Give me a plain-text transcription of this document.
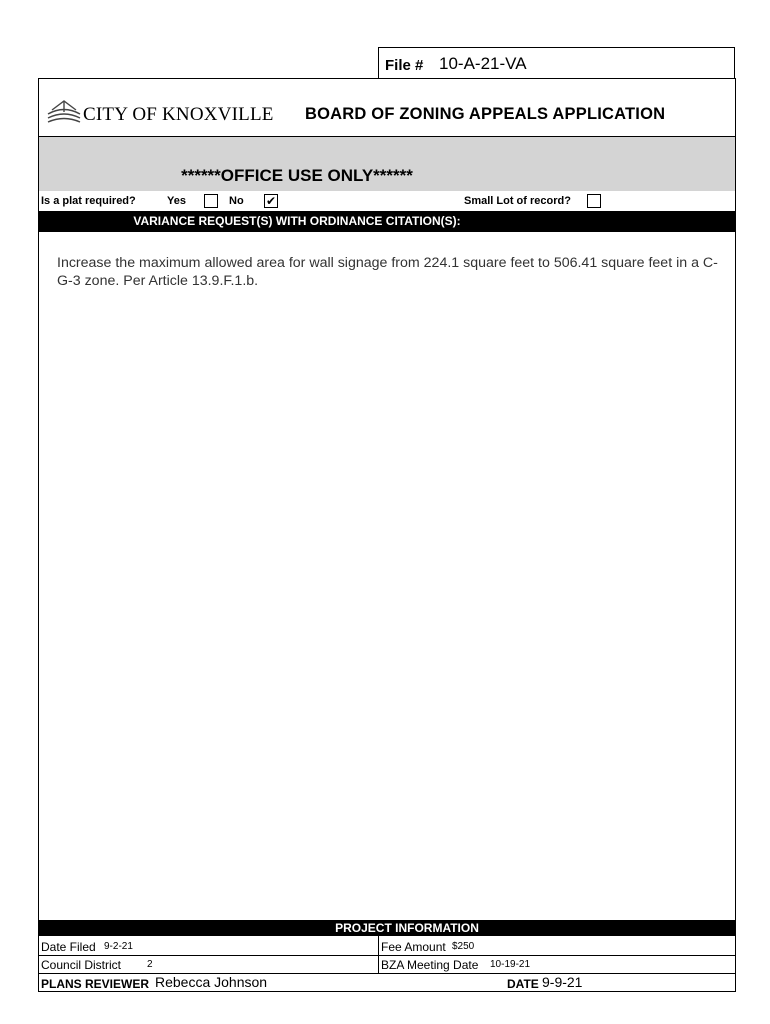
File # 10-A-21-VA
CITY OF KNOXVILLE BOARD OF ZONING APPEALS APPLICATION
******OFFICE USE ONLY******
Is a plat required?	Yes	No ✔	Small Lot of record?
VARIANCE REQUEST(S) WITH ORDINANCE CITATION(S):
Increase the maximum allowed area for wall signage from 224.1 square feet to 506.41 square feet in a C-G-3 zone. Per Article 13.9.F.1.b.
PROJECT INFORMATION
Date Filed 9-2-21	Fee Amount $250
Council District	2	BZA Meeting Date 10-19-21
PLANS REVIEWER Rebecca Johnson	DATE 9-9-21
